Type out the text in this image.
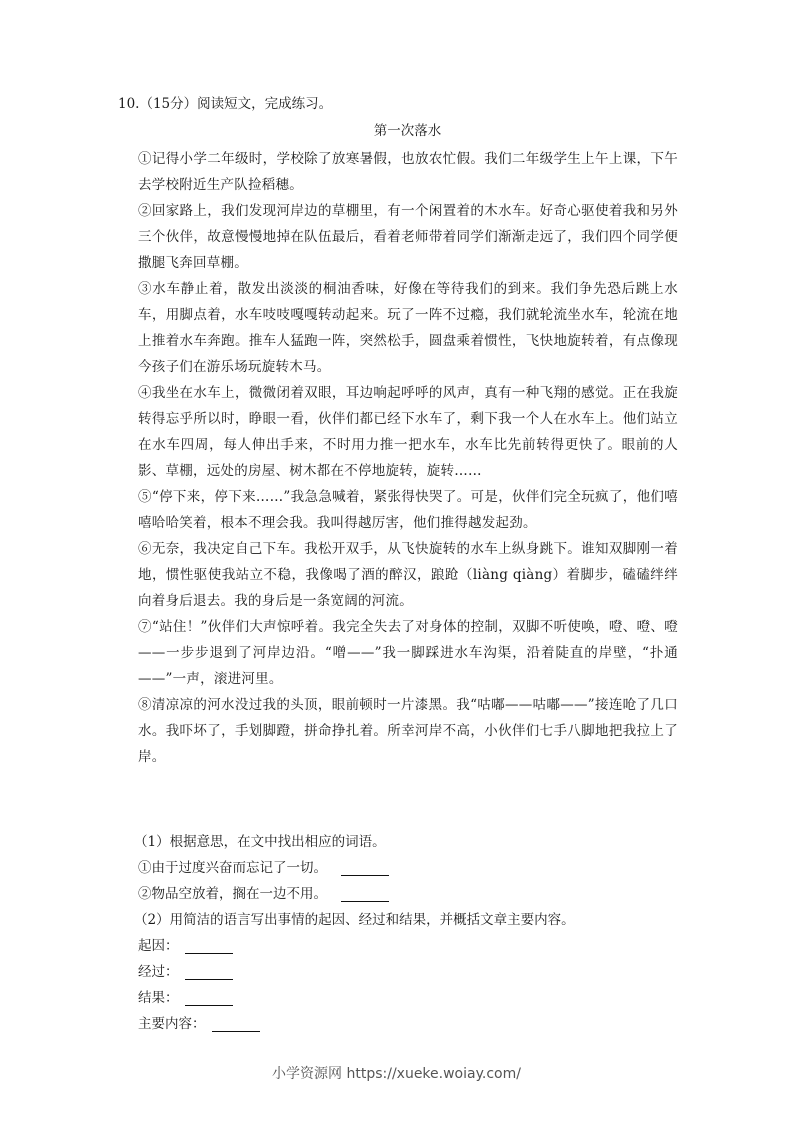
10.（15分）阅读短文，完成练习。
第一次落水

①记得小学二年级时，学校除了放寒暑假，也放农忙假。我们二年级学生上午上课，下午去学校附近生产队捡稻穗。

②回家路上，我们发现河岸边的草棚里，有一个闲置着的木水车。好奇心驱使着我和另外三个伙伴，故意慢慢地掉在队伍最后，看着老师带着同学们渐渐走远了，我们四个同学便撒腿飞奔回草棚。

③水车静止着，散发出淡淡的桐油香味，好像在等待我们的到来。我们争先恐后跳上水车，用脚点着，水车吱吱嘎嘎转动起来。玩了一阵不过瘾，我们就轮流坐水车，轮流在地上推着水车奔跑。推车人猛跑一阵，突然松手，圆盘乘着惯性，飞快地旋转着，有点像现今孩子们在游乐场玩旋转木马。

④我坐在水车上，微微闭着双眼，耳边响起呼呼的风声，真有一种飞翔的感觉。正在我旋转得忘乎所以时，睁眼一看，伙伴们都已经下水车了，剩下我一个人在水车上。他们站立在水车四周，每人伸出手来，不时用力推一把水车，水车比先前转得更快了。眼前的人影、草棚，远处的房屋、树木都在不停地旋转，旋转……

⑤“停下来，停下来……”我急急喊着，紧张得快哭了。可是，伙伴们完全玩疯了，他们嘻嘻哈哈笑着，根本不理会我。我叫得越厉害，他们推得越发起劲。

⑥无奈，我决定自己下车。我松开双手，从飞快旋转的水车上纵身跳下。谁知双脚刚一着地，惯性驱使我站立不稳，我像喝了酒的醉汉，踉跄（liàng qiàng）着脚步，磕磕绊绊向着身后退去。我的身后是一条宽阔的河流。

⑦“站住！”伙伴们大声惊呼着。我完全失去了对身体的控制，双脚不听使唤，噔、噔、噔——一步步退到了河岸边沿。“噌——”我一脚踩进水车沟渠，沿着陡直的岸壁，“扑通——”一声，滚进河里。

⑧清凉凉的河水没过我的头顶，眼前顿时一片漆黑。我“咕嘟——咕嘟——”接连呛了几口水。我吓坏了，手划脚蹬，拼命挣扎着。所幸河岸不高，小伙伴们七手八脚地把我拉上了岸。

（1）根据意思，在文中找出相应的词语。

①由于过度兴奋而忘记了一切。

②物品空放着，搁在一边不用。

（2）用简洁的语言写出事情的起因、经过和结果，并概括文章主要内容。

起因：

经过：

结果：

主要内容：

小学资源网 https://xueke.woiay.com/
